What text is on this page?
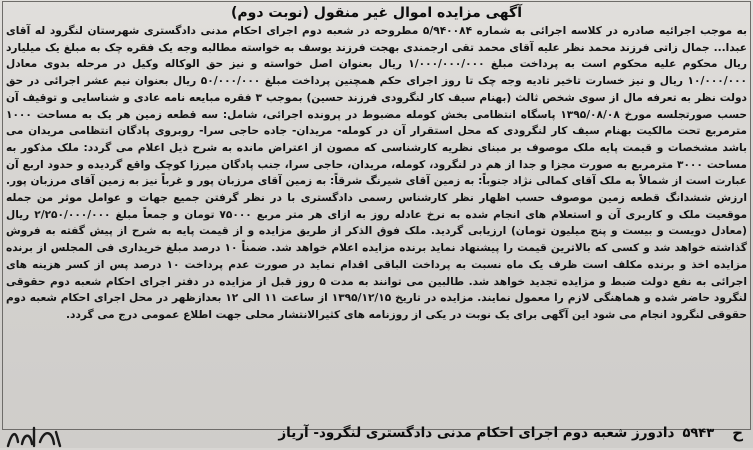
آگهی مزایده اموال غیر منقول (نوبت دوم)

به موجب اجرائیه صادره در کلاسه اجرائی به شماره ۵/۹۴۰۰۸۴ مطروحه در شعبه دوم اجرای احکام مدنی دادگستری شهرستان لنگرود له آقای عبدا... جمال زاتی فرزند محمد نظر علیه آقای محمد تقی ارجمندی بهجت فرزند یوسف به خواسته مطالبه وجه یک فقره چک به مبلغ یک میلیارد ریال محکوم علیه محکوم است به پرداخت مبلغ ۱/۰۰۰/۰۰۰/۰۰۰ ریال بعنوان اصل خواسته و نیز حق الوکاله وکیل در مرحله بدوی معادل ۱۰/۰۰۰/۰۰۰ ریال و نیز خسارت تاخیر تادیه وجه چک تا روز اجرای حکم همچنین پرداخت مبلغ ۵۰/۰۰۰/۰۰۰ ریال بعنوان نیم عشر اجرائی در حق دولت نظر به تعرفه مال از سوی شخص ثالث (بهنام سیف کار لنگرودی فرزند حسین) بموجب ۳ فقره مبایعه نامه عادی و شناسایی و توقیف آن حسب صورتجلسه مورخ ۱۳۹۵/۰۸/۰۸ پاسگاه انتظامی بخش کومله مضبوط در پرونده اجرائی، شامل: سه قطعه زمین هر یک به مساحت ۱۰۰۰ مترمربع تحت مالکیت بهنام سیف کار لنگرودی که محل استقرار آن در کومله- مریدان- جاده حاجی سرا- روبروی پادگان انتظامی مریدان می باشد مشخصات و قیمت پایه ملک موصوف بر مبنای نظریه کارشناسی که مصون از اعتراض مانده به شرح ذیل اعلام می گردد: ملک مذکور به مساحت ۳۰۰۰ مترمربع به صورت مجزا و جدا از هم در لنگرود، کومله، مریدان، حاجی سرا، جنب پادگان میرزا کوچک واقع گردیده و حدود اربع آن عبارت است از شمالاً به ملک آقای کمالی نژاد جنوباً: به زمین آقای شیرنگ شرقاً: به زمین آقای مرزبان پور و غرباً نیز به زمین آقای مرزبان پور. ارزش ششدانگ قطعه زمین موصوف حسب اظهار نظر کارشناس رسمی دادگستری با در نظر گرفتن جمیع جهات و عوامل موثر من جمله موقعیت ملک و کاربری آن و استعلام های انجام شده به نرخ عادله روز به ازای هر متر مربع ۷۵۰۰۰ تومان و جمعاً مبلغ ۲/۲۵۰/۰۰۰/۰۰۰ ریال (معادل دویست و بیست و پنج میلیون تومان) ارزیابی گردید. ملک فوق الذکر از طریق مزایده و از قیمت پایه به شرح از پیش گفته به فروش گذاشته خواهد شد و کسی که بالاترین قیمت را پیشنهاد نماید برنده مزایده اعلام خواهد شد. ضمناً ۱۰ درصد مبلغ خریداری فی المجلس از برنده مزایده اخذ و برنده مکلف است ظرف یک ماه نسبت به پرداخت الباقی اقدام نماید در صورت عدم پرداخت ۱۰ درصد پس از کسر هزینه های اجرائی به نفع دولت ضبط و مزایده تجدید خواهد شد. طالبین می توانند به مدت ۵ روز قبل از مزایده در دفتر اجرای احکام شعبه دوم حقوقی لنگرود حاضر شده و هماهنگی لازم را معمول نمایند. مزایده در تاریخ ۱۳۹۵/۱۲/۱۵ از ساعت ۱۱ الی ۱۲ بعدازظهر در محل اجرای احکام شعبه دوم حقوقی لنگرود انجام می شود این آگهی برای یک نوبت در یکی از روزنامه های کثیرالانتشار محلی جهت اطلاع عمومی درج می گردد.

ح
۵۹۴۳
دادورز شعبه دوم اجرای احکام مدنی دادگستری لنگرود- آریاز
